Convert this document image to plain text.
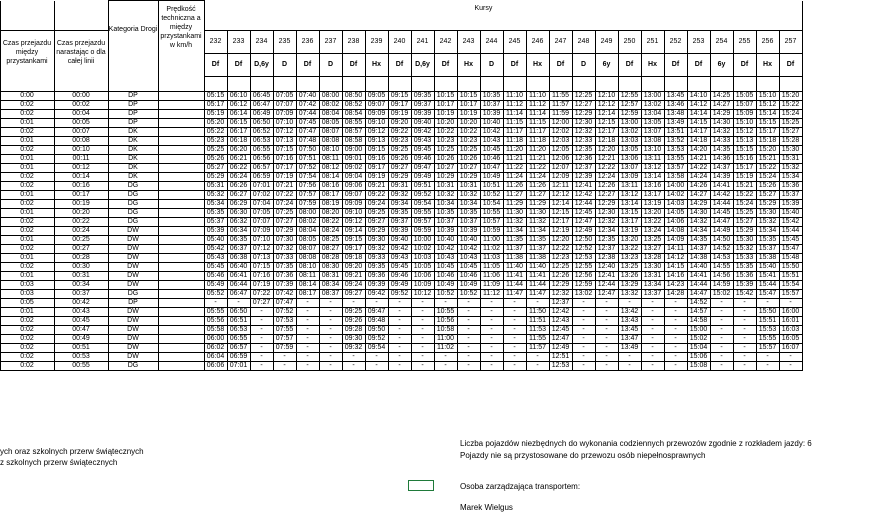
			Kategoria Drogi	Prędkość technicznа a między przystankami w km/h	Kursy																									
	Czas przejazdu między przystankami	Czas przejazdu narastając o dla całej linii			232	233	234	235	236	237	238	239	240	241	242	243	244	245	246	247	248	249	250	251	252	253	254	255	256	257
					Df	Df	D,6y	D	Df	D	Df	Hx	Df	D,6y	Df	Hx	D	Df	Hx	Df	D	6y	Df	Hx	Df	Df	6y	Df	Hx	Df

	0:00	00:00	DP		05:15	06:10	06:45	07:05	07:40	08:00	08:50	09:05	09:15	09:35	10:15	10:15	10:35	11:10	11:10	11:55	12:25	12:10	12:55	13:00	13:45	14:10	14:25	15:05	15:10	15:20
	0:02	00:02	DP		05:17	06:12	06:47	07:07	07:42	08:02	08:52	09:07	09:17	09:37	10:17	10:17	10:37	11:12	11:12	11:57	12:27	12:12	12:57	13:02	13:46	14:12	14:27	15:07	15:12	15:22
	0:02	00:04	DP		05:19	06:14	06:49	07:09	07:44	08:04	08:54	09:09	09:19	09:39	10:19	10:19	10:39	11:14	11:14	11:59	12:29	12:14	12:59	13:04	13:48	14:14	14:29	15:09	15:14	15:24
	0:01	00:05	DP		05:20	06:15	06:50	07:10	07:45	08:05	08:55	09:10	09:20	09:40	10:20	10:20	10:40	11:15	11:15	12:00	12:30	12:15	13:00	13:05	13:49	14:15	14:30	15:10	15:15	15:25
	0:02	00:07	DK		05:22	06:17	06:52	07:12	07:47	08:07	08:57	09:12	09:22	09:42	10:22	10:22	10:42	11:17	11:17	12:02	12:32	12:17	13:02	13:07	13:51	14:17	14:32	15:12	15:17	15:27
	0:01	00:08	DK		05:23	06:18	06:53	07:13	07:48	08:08	08:58	09:13	09:23	09:43	10:23	10:23	10:43	11:18	11:18	12:03	12:33	12:18	13:03	13:08	13:52	14:18	14:33	15:13	15:18	15:28
	0:02	00:10	DK		05:25	06:20	06:55	07:15	07:50	08:10	09:00	09:15	09:25	09:45	10:25	10:25	10:45	11:20	11:20	12:05	12:35	12:20	13:05	13:10	13:53	14:20	14:35	15:15	15:20	15:30
	0:01	00:11	DK		05:26	06:21	06:56	07:16	07:51	08:11	09:01	09:16	09:26	09:46	10:26	10:26	10:46	11:21	11:21	12:06	12:36	12:21	13:06	13:11	13:55	14:21	14:36	15:16	15:21	15:31
	0:01	00:12	DK		05:27	06:22	06:57	07:17	07:52	08:12	09:02	09:17	09:27	09:47	10:27	10:27	10:47	11:22	11:22	12:07	12:37	12:22	13:07	13:12	13:57	14:22	14:37	15:17	15:22	15:32
	0:02	00:14	DK		05:29	06:24	06:59	07:19	07:54	08:14	09:04	09:19	09:29	09:49	10:29	10:29	10:49	11:24	11:24	12:09	12:39	12:24	13:09	13:14	13:58	14:24	14:39	15:19	15:24	15:34
	0:02	00:16	DG		05:31	06:26	07:01	07:21	07:56	08:16	09:06	09:21	09:31	09:51	10:31	10:31	10:51	11:26	11:26	12:11	12:41	12:26	13:11	13:16	14:00	14:26	14:41	15:21	15:26	15:36
	0:01	00:17	DG		05:32	06:27	07:02	07:22	07:57	08:17	09:07	09:22	09:32	09:52	10:32	10:32	10:52	11:27	11:27	12:12	12:42	12:27	13:12	13:17	14:02	14:27	14:42	15:22	15:27	15:37
	0:02	00:19	DG		05:34	06:29	07:04	07:24	07:59	08:19	09:09	09:24	09:34	09:54	10:34	10:34	10:54	11:29	11:29	12:14	12:44	12:29	13:14	13:19	14:03	14:29	14:44	15:24	15:29	15:39
	0:01	00:20	DG		05:35	06:30	07:05	07:25	08:00	08:20	09:10	09:25	09:35	09:55	10:35	10:35	10:55	11:30	11:30	12:15	12:45	12:30	13:15	13:20	14:05	14:30	14:45	15:25	15:30	15:40
	0:02	00:22	DG		05:37	06:32	07:07	07:27	08:02	08:22	09:12	09:27	09:37	09:57	10:37	10:37	10:57	11:32	11:32	12:17	12:47	12:32	13:17	13:22	14:06	14:32	14:47	15:27	15:32	15:42
	0:02	00:24	DW		05:39	06:34	07:09	07:29	08:04	08:24	09:14	09:29	09:39	09:59	10:39	10:39	10:59	11:34	11:34	12:19	12:49	12:34	13:19	13:24	14:08	14:34	14:49	15:29	15:34	15:44
	0:01	00:25	DW		05:40	06:35	07:10	07:30	08:05	08:25	09:15	09:30	09:40	10:00	10:40	10:40	11:00	11:35	11:35	12:20	12:50	12:35	13:20	13:25	14:09	14:35	14:50	15:30	15:35	15:45
	0:02	00:27	DW		05:42	06:37	07:12	07:32	08:07	08:27	09:17	09:32	09:42	10:02	10:42	10:42	11:02	11:37	11:37	12:22	12:52	12:37	13:22	13:27	14:11	14:37	14:52	15:32	15:37	15:47
	0:01	00:28	DW		05:43	06:38	07:13	07:33	08:08	08:28	09:18	09:33	09:43	10:03	10:43	10:43	11:03	11:38	11:38	12:23	12:53	12:38	13:23	13:28	14:12	14:38	14:53	15:33	15:38	15:48
	0:02	00:30	DW		05:45	06:40	07:15	07:35	08:10	08:30	09:20	09:35	09:45	10:05	10:45	10:45	11:05	11:40	11:40	12:25	12:55	12:40	13:25	13:30	14:15	14:40	14:55	15:35	15:40	15:50
	0:01	00:31	DW		05:46	06:41	07:16	07:36	08:11	08:31	09:21	09:36	09:46	10:06	10:46	10:46	11:06	11:41	11:41	12:26	12:56	12:41	13:26	13:31	14:16	14:41	14:56	15:36	15:41	15:51
	0:03	00:34	DW		05:49	06:44	07:19	07:39	08:14	08:34	09:24	09:39	09:49	10:09	10:49	10:49	11:09	11:44	11:44	12:29	12:59	12:44	13:29	13:34	14:23	14:44	14:59	15:39	15:44	15:54
	0:03	00:37	DG		05:52	06:47	07:22	07:42	08:17	08:37	09:27	09:42	09:52	10:12	10:52	10:52	11:12	11:47	11:47	12:32	13:02	12:47	13:32	13:37	14:28	14:47	15:02	15:42	15:47	15:57
	0:05	00:42	DP		-	-	07:27	07:47	-	-	-	-	-	-	-	-	-	-	-	12:37	-	-	-	-	-	14:52	-	-	-	-
	0:01	00:43	DW		05:55	06:50	-	07:52	-	-	09:25	09:47	-	-	10:55	-	-	-	11:50	12:42	-	-	13:42	-	-	14:57	-	-	15:50	16:00
	0:02	00:45	DW		05:56	06:51	-	07:53	-	-	09:26	09:48	-	-	10:56	-	-	-	11:51	12:43	-	-	13:43	-	-	14:58	-	-	15:51	16:01
	0:02	00:47	DW		05:58	06:53	-	07:55	-	-	09:28	09:50	-	-	10:58	-	-	-	11:53	12:45	-	-	13:45	-	-	15:00	-	-	15:53	16:03
	0:02	00:49	DW		06:00	06:55	-	07:57	-	-	09:30	09:52	-	-	11:00	-	-	-	11:55	12:47	-	-	13:47	-	-	15:02	-	-	15:55	16:05
	0:02	00:51	DW		06:02	06:57	-	07:59	-	-	09:32	09:54	-	-	11:02	-	-	-	11:57	12:49	-	-	13:49	-	-	15:04	-	-	15:57	16:07
	0:02	00:53	DW		06:04	06:59	-	-	-	-	-	-	-	-	-	-	-	-	-	12:51	-	-	-	-	-	15:06	-	-	-	-
	0:02	00:55	DG		06:06	07:01	-	-	-	-	-	-	-	-	-	-	-	-	-	12:53	-	-	-	-	-	15:08	-	-	-	-
ych oraz szkolnych przerw świątecznych
z szkolnych przerw świątecznych
Liczba pojazdów niezbędnych do wykonania codziennych przewozów zgodnie z rozkładem jazdy: 6
Pojazdy nie są przystosowane do przewozu osób niepełnosprawnych
Osoba zarządzająca transportem:
Marek Wielgus
